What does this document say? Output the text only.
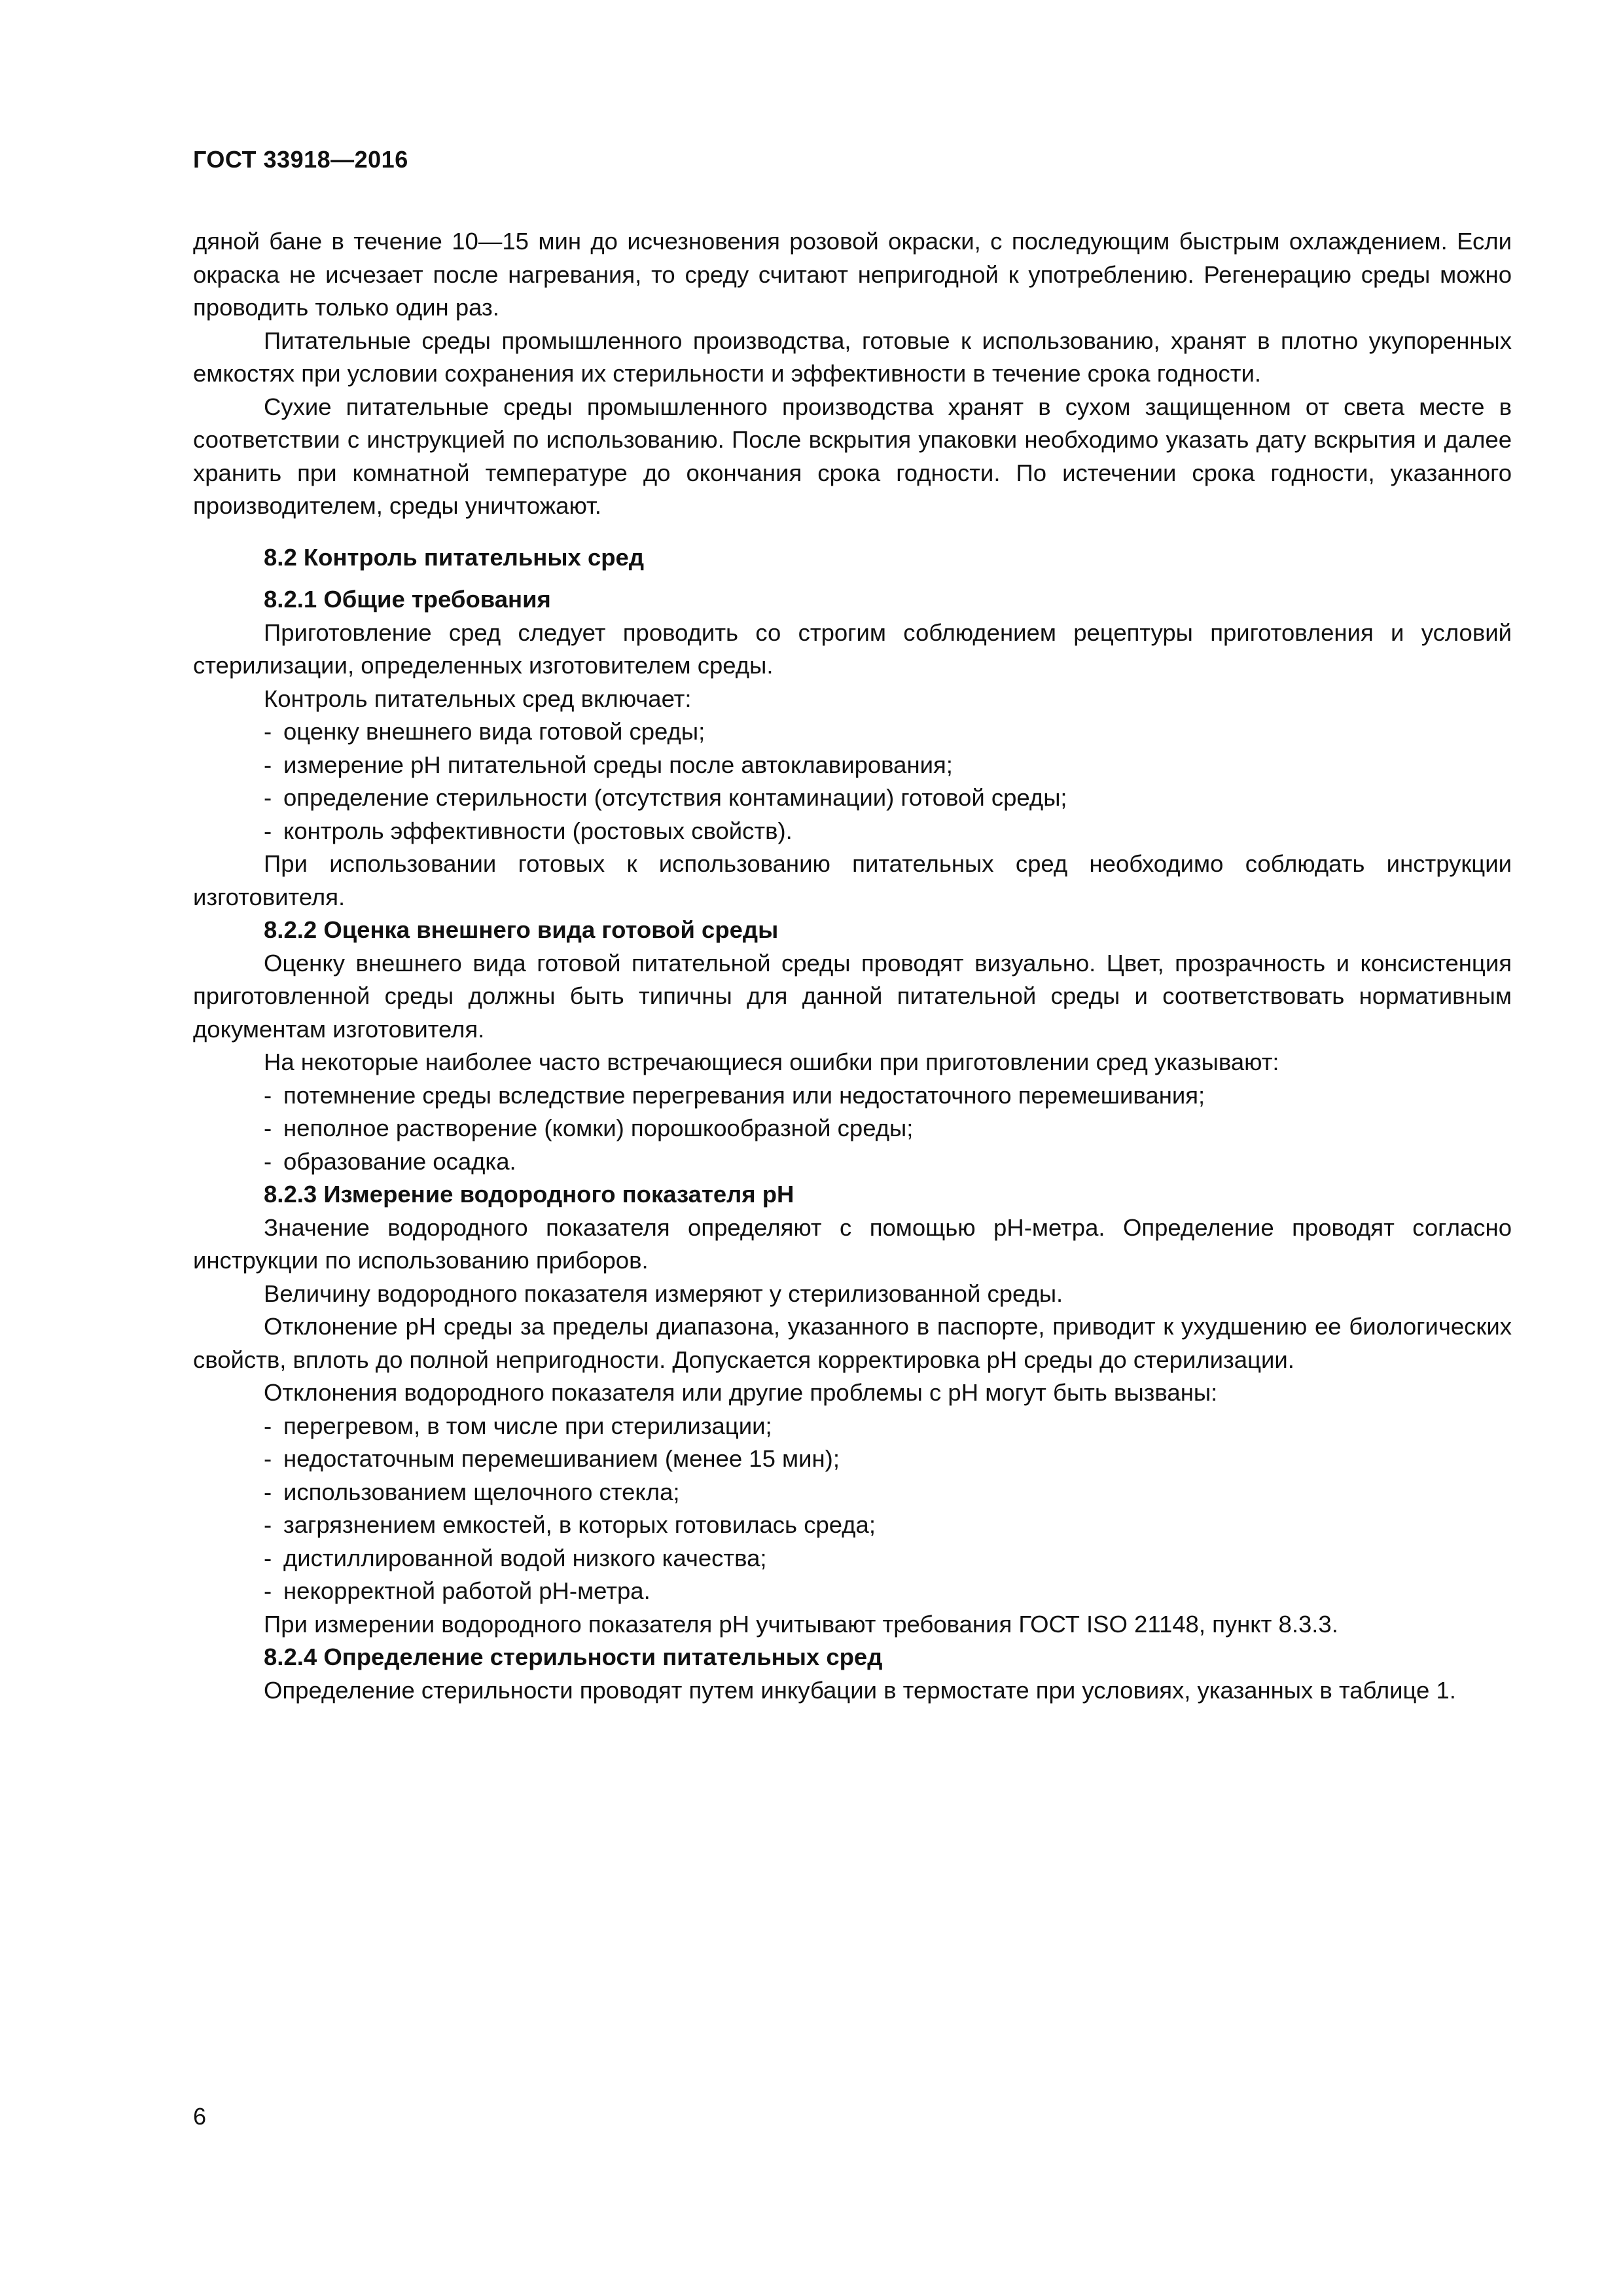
ГОСТ 33918—2016

дяной бане в течение 10—15 мин до исчезновения розовой окраски, с последующим быстрым охлаждением. Если окраска не исчезает после нагревания, то среду считают непригодной к употреблению. Регенерацию среды можно проводить только один раз.

Питательные среды промышленного производства, готовые к использованию, хранят в плотно укупоренных емкостях при условии сохранения их стерильности и эффективности в течение срока годности.

Сухие питательные среды промышленного производства хранят в сухом защищенном от света месте в соответствии с инструкцией по использованию. После вскрытия упаковки необходимо указать дату вскрытия и далее хранить при комнатной температуре до окончания срока годности. По истечении срока годности, указанного производителем, среды уничтожают.

8.2 Контроль питательных сред
8.2.1 Общие требования

Приготовление сред следует проводить со строгим соблюдением рецептуры приготовления и условий стерилизации, определенных изготовителем среды.

Контроль питательных сред включает:

- оценку внешнего вида готовой среды;
- измерение рН питательной среды после автоклавирования;
- определение стерильности (отсутствия контаминации) готовой среды;
- контроль эффективности (ростовых свойств).

При использовании готовых к использованию питательных сред необходимо соблюдать инструкции изготовителя.

8.2.2 Оценка внешнего вида готовой среды

Оценку внешнего вида готовой питательной среды проводят визуально. Цвет, прозрачность и консистенция приготовленной среды должны быть типичны для данной питательной среды и соответствовать нормативным документам изготовителя.

На некоторые наиболее часто встречающиеся ошибки при приготовлении сред указывают:

- потемнение среды вследствие перегревания или недостаточного перемешивания;
- неполное растворение (комки) порошкообразной среды;
- образование осадка.
8.2.3 Измерение водородного показателя рН

Значение водородного показателя определяют с помощью рН-метра. Определение проводят согласно инструкции по использованию приборов.

Величину водородного показателя измеряют у стерилизованной среды.

Отклонение рН среды за пределы диапазона, указанного в паспорте, приводит к ухудшению ее биологических свойств, вплоть до полной непригодности. Допускается корректировка рН среды до стерилизации.

Отклонения водородного показателя или другие проблемы с рН могут быть вызваны:

- перегревом, в том числе при стерилизации;
- недостаточным перемешиванием (менее 15 мин);
- использованием щелочного стекла;
- загрязнением емкостей, в которых готовилась среда;
- дистиллированной водой низкого качества;
- некорректной работой рН-метра.

При измерении водородного показателя рН учитывают требования ГОСТ ISO 21148, пункт 8.3.3.

8.2.4 Определение стерильности питательных сред

Определение стерильности проводят путем инкубации в термостате при условиях, указанных в таблице 1.

6
